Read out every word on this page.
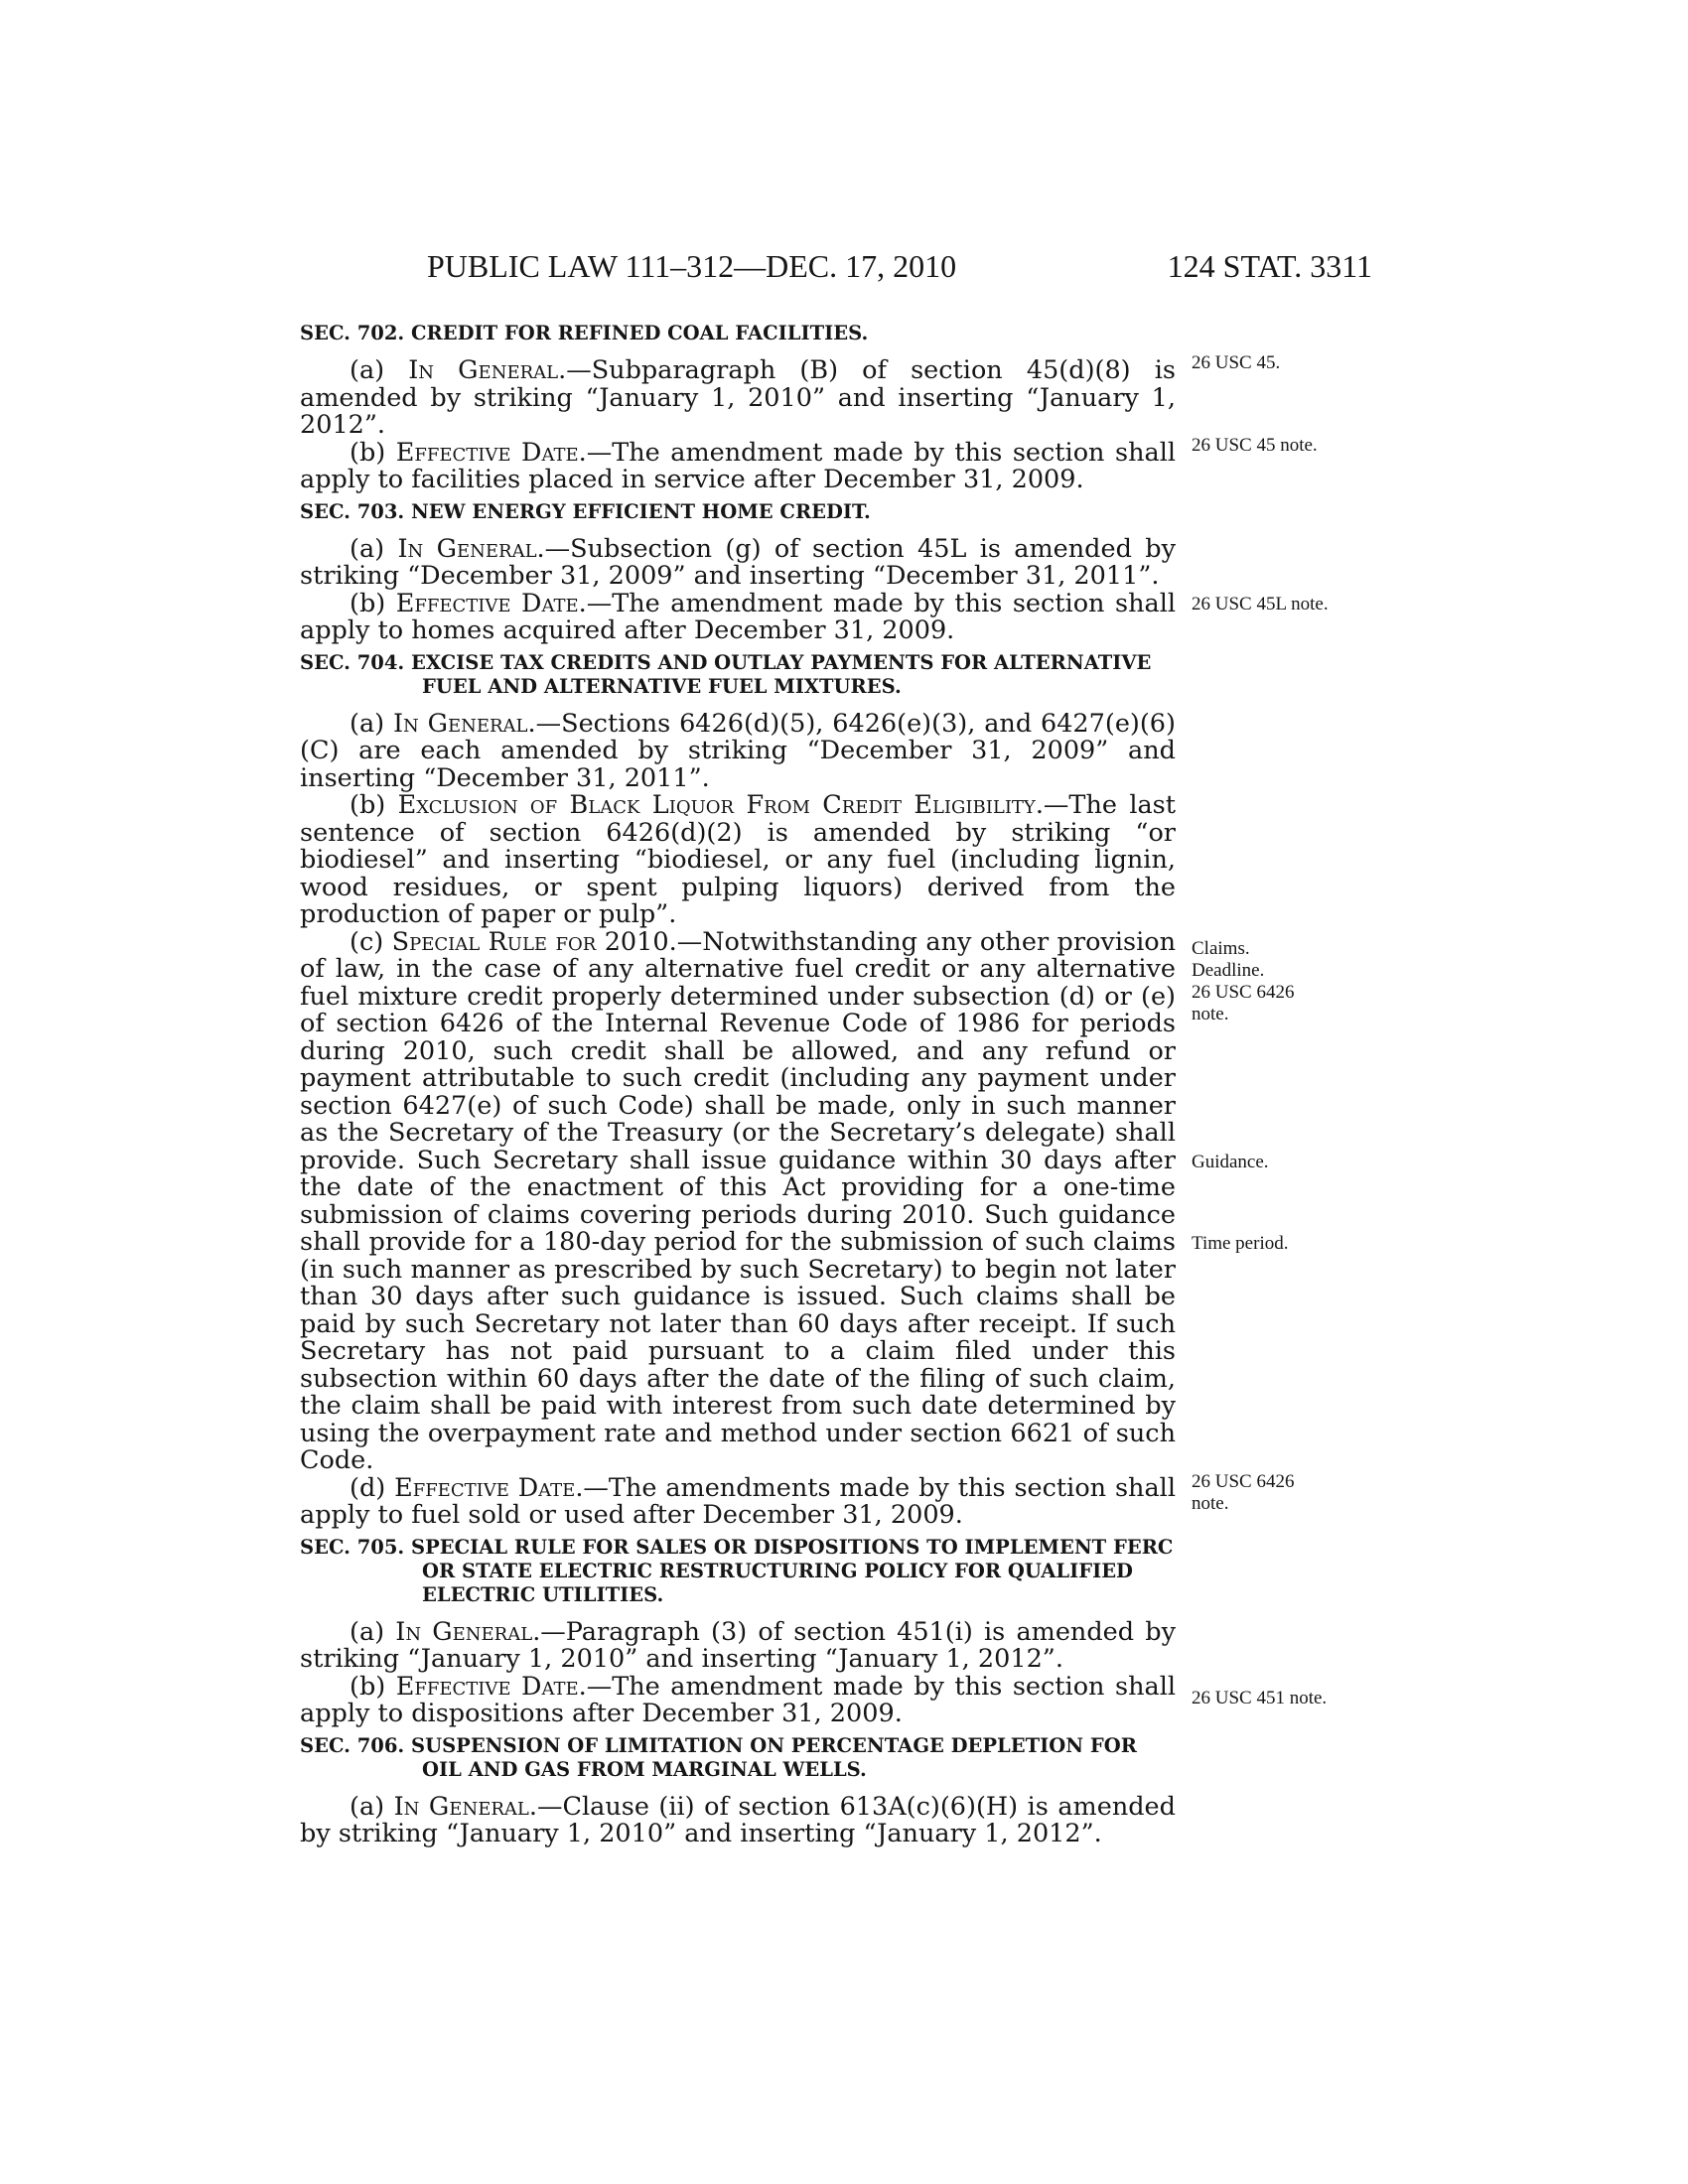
PUBLIC LAW 111–312—DEC. 17, 2010	124 STAT. 3311
SEC. 702. CREDIT FOR REFINED COAL FACILITIES.

(a) In General.—Subparagraph (B) of section 45(d)(8) is amended by striking “January 1, 2010” and inserting “January 1, 2012”.

(b) Effective Date.—The amendment made by this section shall apply to facilities placed in service after December 31, 2009.

SEC. 703. NEW ENERGY EFFICIENT HOME CREDIT.

(a) In General.—Subsection (g) of section 45L is amended by striking “December 31, 2009” and inserting “December 31, 2011”.

(b) Effective Date.—The amendment made by this section shall apply to homes acquired after December 31, 2009.

SEC. 704. EXCISE TAX CREDITS AND OUTLAY PAYMENTS FOR ALTERNATIVE FUEL AND ALTERNATIVE FUEL MIXTURES.

(a) In General.—Sections 6426(d)(5), 6426(e)(3), and 6427(e)(6)(C) are each amended by striking “December 31, 2009” and inserting “December 31, 2011”.

(b) Exclusion of Black Liquor From Credit Eligibility.—The last sentence of section 6426(d)(2) is amended by striking “or biodiesel” and inserting “biodiesel, or any fuel (including lignin, wood residues, or spent pulping liquors) derived from the production of paper or pulp”.

(c) Special Rule for 2010.—Notwithstanding any other provision of law, in the case of any alternative fuel credit or any alternative fuel mixture credit properly determined under subsection (d) or (e) of section 6426 of the Internal Revenue Code of 1986 for periods during 2010, such credit shall be allowed, and any refund or payment attributable to such credit (including any payment under section 6427(e) of such Code) shall be made, only in such manner as the Secretary of the Treasury (or the Secretary’s delegate) shall provide. Such Secretary shall issue guidance within 30 days after the date of the enactment of this Act providing for a one-time submission of claims covering periods during 2010. Such guidance shall provide for a 180-day period for the submission of such claims (in such manner as prescribed by such Secretary) to begin not later than 30 days after such guidance is issued. Such claims shall be paid by such Secretary not later than 60 days after receipt. If such Secretary has not paid pursuant to a claim filed under this subsection within 60 days after the date of the filing of such claim, the claim shall be paid with interest from such date determined by using the overpayment rate and method under section 6621 of such Code.

(d) Effective Date.—The amendments made by this section shall apply to fuel sold or used after December 31, 2009.

SEC. 705. SPECIAL RULE FOR SALES OR DISPOSITIONS TO IMPLEMENT FERC OR STATE ELECTRIC RESTRUCTURING POLICY FOR QUALIFIED ELECTRIC UTILITIES.

(a) In General.—Paragraph (3) of section 451(i) is amended by striking “January 1, 2010” and inserting “January 1, 2012”.

(b) Effective Date.—The amendment made by this section shall apply to dispositions after December 31, 2009.

SEC. 706. SUSPENSION OF LIMITATION ON PERCENTAGE DEPLETION FOR OIL AND GAS FROM MARGINAL WELLS.

(a) In General.—Clause (ii) of section 613A(c)(6)(H) is amended by striking “January 1, 2010” and inserting “January 1, 2012”.

26 USC 45.
26 USC 45 note.
26 USC 45L note.
Claims.
Deadline.
26 USC 6426 note.
Guidance.
Time period.
26 USC 6426 note.
26 USC 451 note.
